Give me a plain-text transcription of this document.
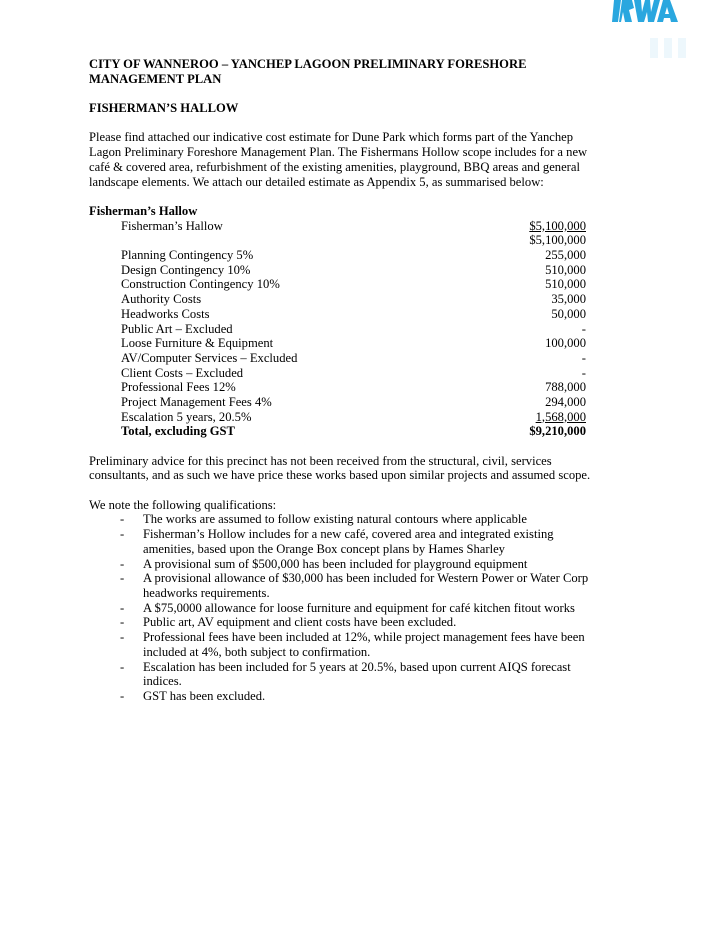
CITY OF WANNEROO – YANCHEP LAGOON PRELIMINARY FORESHORE MANAGEMENT PLAN

FISHERMAN’S HALLOW

Please find attached our indicative cost estimate for Dune Park which forms part of the Yanchep Lagon Preliminary Foreshore Management Plan. The Fishermans Hollow scope includes for a new café & covered area, refurbishment of the existing amenities, playground, BBQ areas and general landscape elements. We attach our detailed estimate as Appendix 5, as summarised below:

Fisherman’s Hallow
Fisherman’s Hallow	$5,100,000
$5,100,000
Planning Contingency 5%	255,000
Design Contingency 10%	510,000
Construction Contingency 10%	510,000
Authority Costs	35,000
Headworks Costs	50,000
Public Art – Excluded	-
Loose Furniture & Equipment	100,000
AV/Computer Services – Excluded	-
Client Costs – Excluded	-
Professional Fees 12%	788,000
Project Management Fees 4%	294,000
Escalation 5 years, 20.5%	1,568,000
Total, excluding GST	$9,210,000

Preliminary advice for this precinct has not been received from the structural, civil, services consultants, and as such we have price these works based upon similar projects and assumed scope.

We note the following qualifications:

-	The works are assumed to follow existing natural contours where applicable
-	Fisherman’s Hollow includes for a new café, covered area and integrated existing amenities, based upon the Orange Box concept plans by Hames Sharley
-	A provisional sum of $500,000 has been included for playground equipment
-	A provisional allowance of $30,000 has been included for Western Power or Water Corp headworks requirements.
-	A $75,0000 allowance for loose furniture and equipment for café kitchen fitout works
-	Public art, AV equipment and client costs have been excluded.
-	Professional fees have been included at 12%, while project management fees have been included at 4%, both subject to confirmation.
-	Escalation has been included for 5 years at 20.5%, based upon current AIQS forecast indices.
-	GST has been excluded.
